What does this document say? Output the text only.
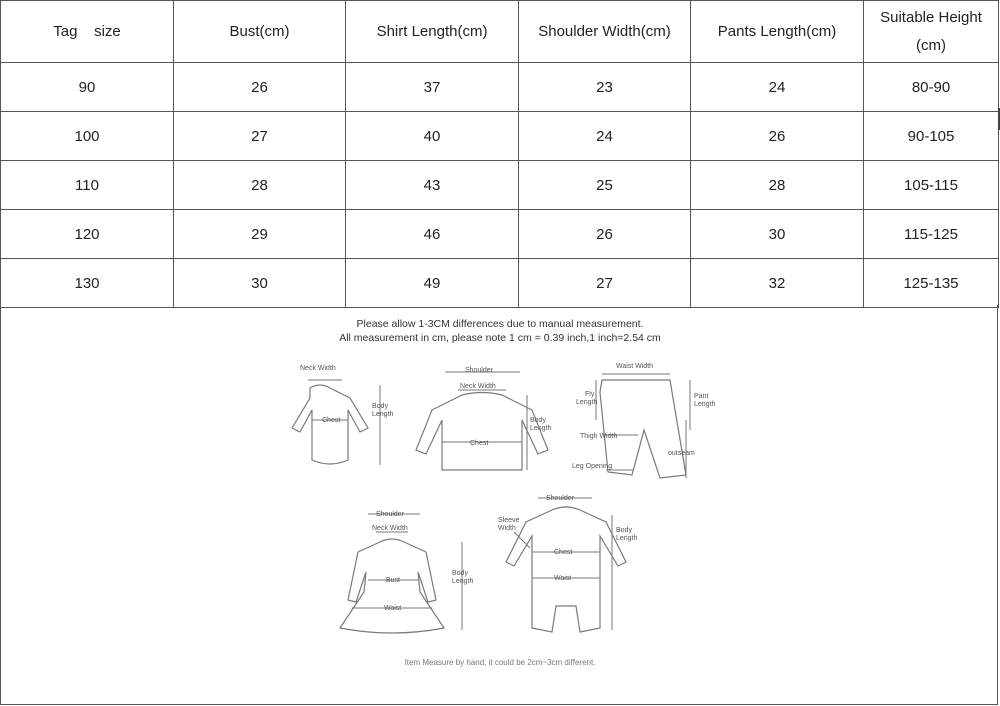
Tag    size	Bust(cm)	Shirt Length(cm)	Shoulder Width(cm)	Pants Length(cm)	Suitable Height
(cm)
90	26	37	23	24	80-90
100	27	40	24	26	90-105
110	28	43	25	28	105-115
120	29	46	26	30	115-125
130	30	49	27	32	125-135
Please allow 1-3CM differences due to manual measurement.
All measurement in cm, please note 1 cm = 0.39 inch,1 inch=2.54 cm
Neck Width
Chest
Body
Length
Shoulder
Neck Width
Chest
Body
Length
Waist Width
Fly
Length
Pant
Length
Thigh Width
outseam
Leg Opening
Shoulder
Neck Width
Bust
Waist
Body
Length
Shoulder
Sleeve
Width
Chest
Waist
Body
Length
Item Measure by hand, it could be 2cm~3cm different.
